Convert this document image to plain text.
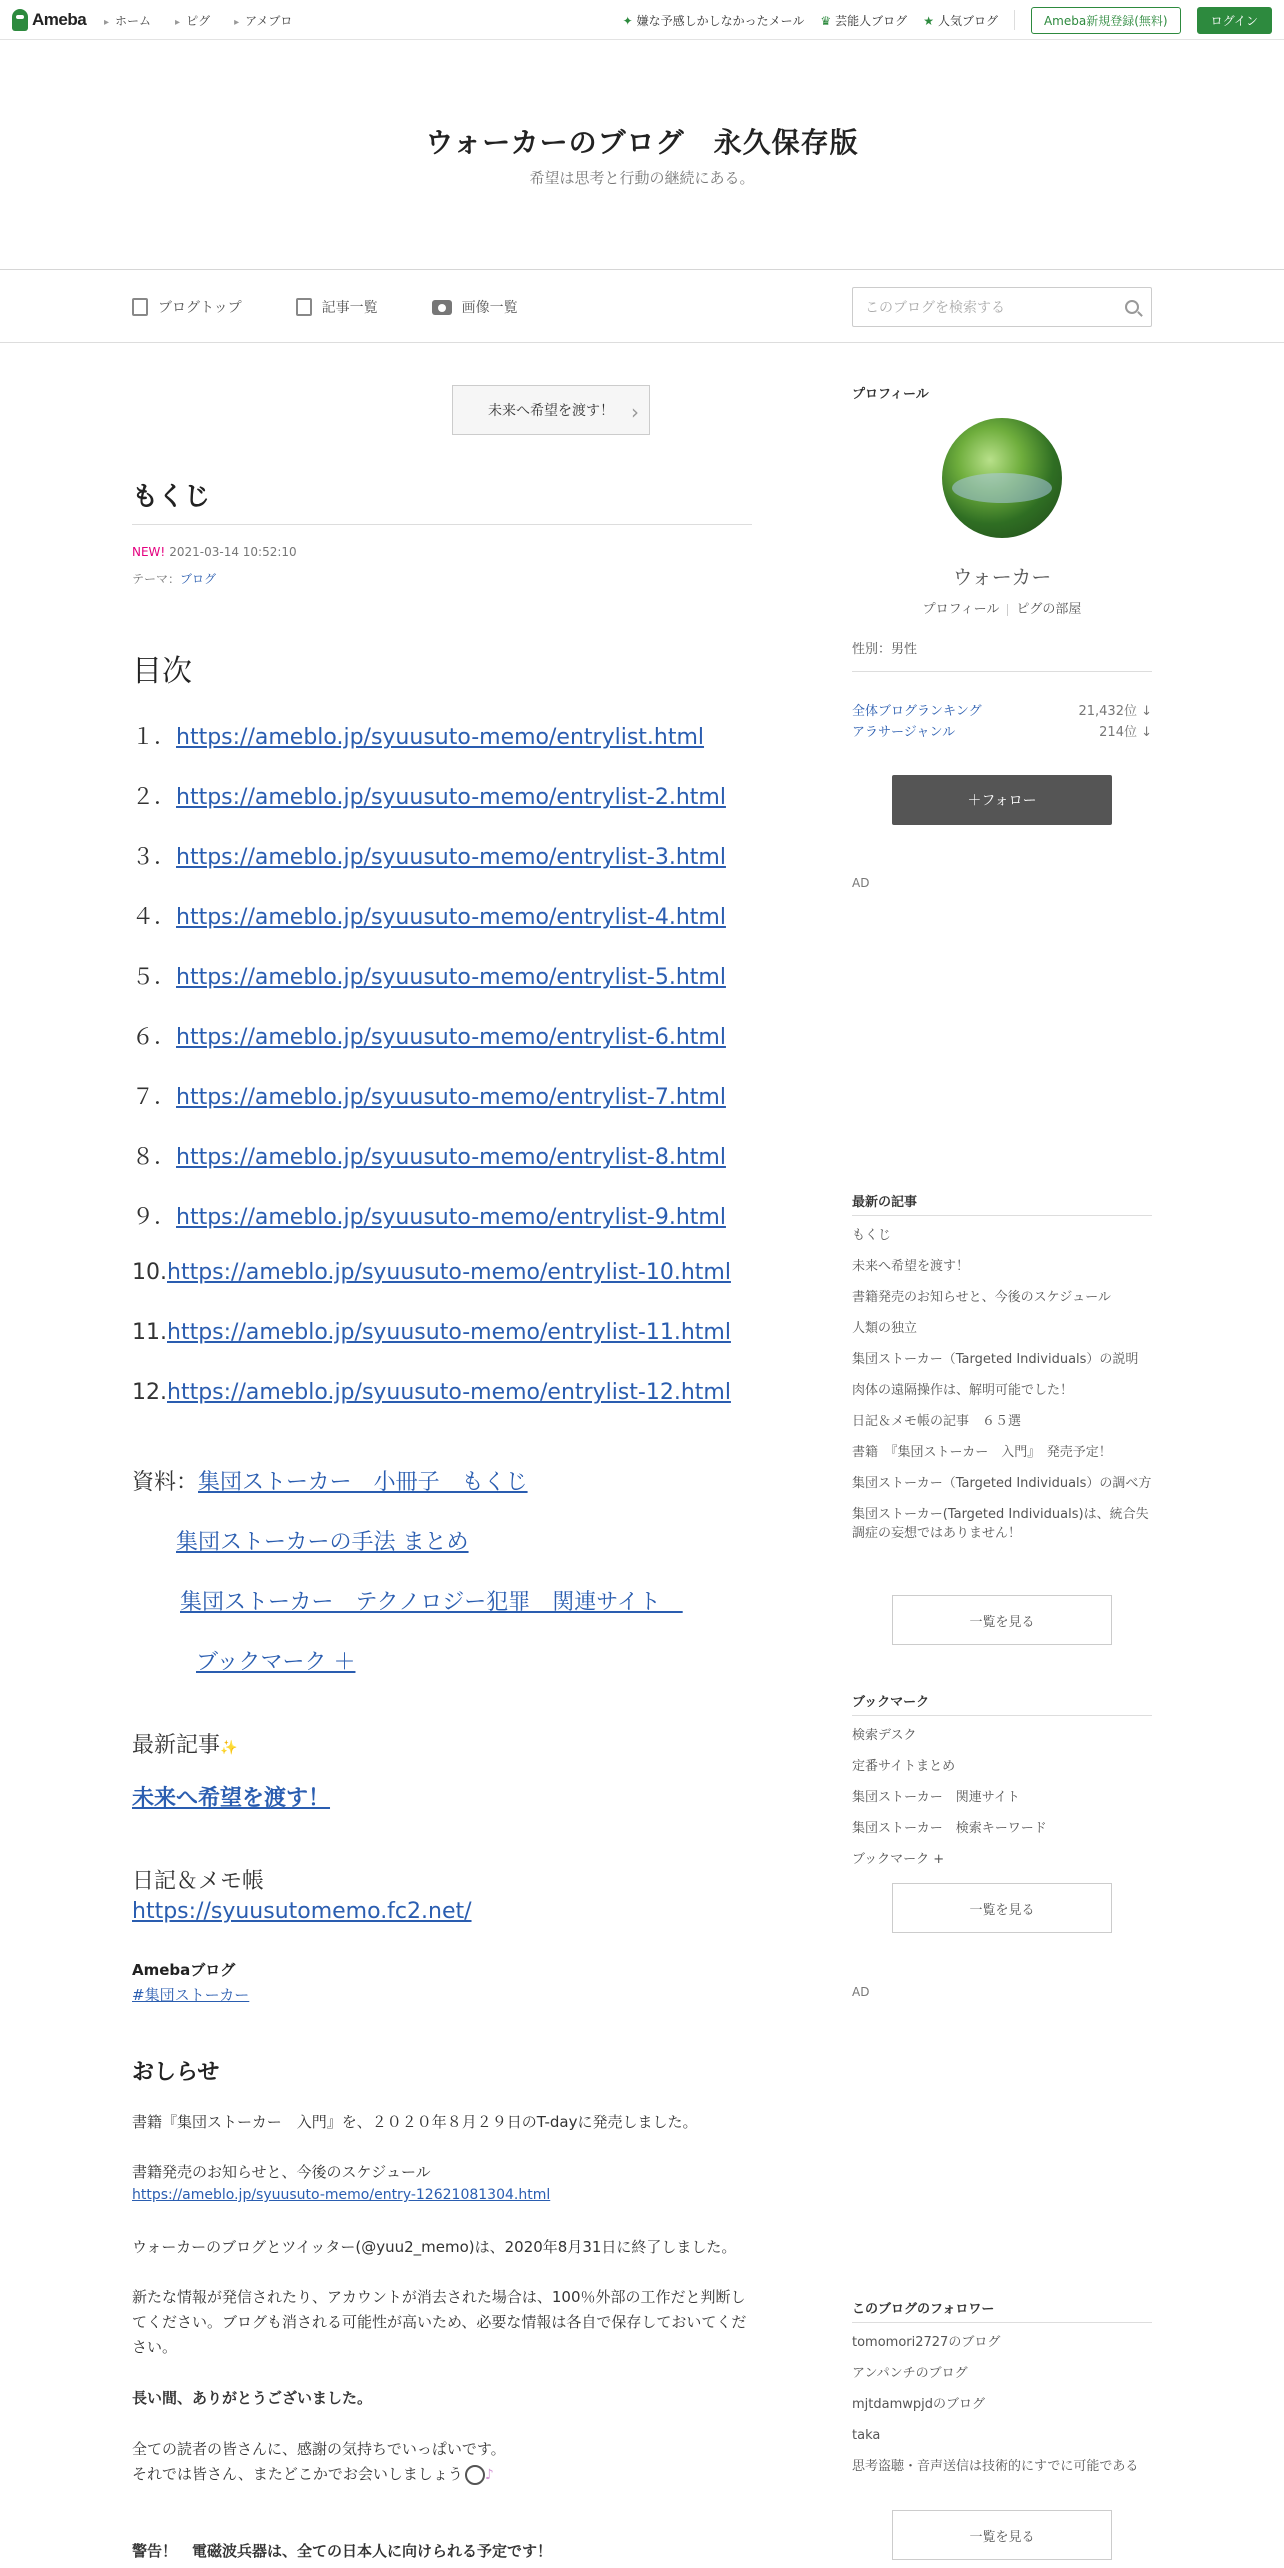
Ameba	▸ ホーム	▸ ピグ	▸ アメブロ	✦ 嫌な予感しかしなかったメール ♛ 芸能人ブログ ★ 人気ブログ	Ameba新規登録(無料)	ログイン
ウォーカーのブログ　永久保存版
希望は思考と行動の継続にある。
ブログトップ	記事一覧	画像一覧	このブログを検索する
未来へ希望を渡す！ ›
もくじ
NEW! 2021-03-14 10:52:10
テーマ：ブログ
目次
１．https://ameblo.jp/syuusuto-memo/entrylist.html
２．https://ameblo.jp/syuusuto-memo/entrylist-2.html
３．https://ameblo.jp/syuusuto-memo/entrylist-3.html
４．https://ameblo.jp/syuusuto-memo/entrylist-4.html
５．https://ameblo.jp/syuusuto-memo/entrylist-5.html
６．https://ameblo.jp/syuusuto-memo/entrylist-6.html
７．https://ameblo.jp/syuusuto-memo/entrylist-7.html
８．https://ameblo.jp/syuusuto-memo/entrylist-8.html
９．https://ameblo.jp/syuusuto-memo/entrylist-9.html
10.https://ameblo.jp/syuusuto-memo/entrylist-10.html
11.https://ameblo.jp/syuusuto-memo/entrylist-11.html
12.https://ameblo.jp/syuusuto-memo/entrylist-12.html
資料：集団ストーカー　小冊子　もくじ
集団ストーカーの手法 まとめ
集団ストーカー　テクノロジー犯罪　関連サイト　
ブックマーク ＋
最新記事✨
未来へ希望を渡す！
日記＆メモ帳
https://syuusutomemo.fc2.net/
Amebaブログ
#集団ストーカー
おしらせ
書籍『集団ストーカー　入門』を、２０２０年８月２９日のT-dayに発売しました。
書籍発売のお知らせと、今後のスケジュール
https://ameblo.jp/syuusuto-memo/entry-12621081304.html
ウォーカーのブログとツイッター(@yuu2_memo)は、2020年8月31日に終了しました。
新たな情報が発信されたり、アカウントが消去された場合は、100％外部の工作だと判断してください。ブログも消される可能性が高いため、必要な情報は各自で保存しておいてください。
長い間、ありがとうございました。
全ての読者の皆さんに、感謝の気持ちでいっぱいです。
それでは皆さん、またどこかでお会いしましょう ♪
警告！　電磁波兵器は、全ての日本人に向けられる予定です！
プロフィール
ウォーカー
プロフィール ピグの部屋
性別：男性
全体ブログランキング	21,432位 ↓
アラサージャンル	214位 ↓
＋フォロー
AD
最新の記事
もくじ
未来へ希望を渡す！
書籍発売のお知らせと、今後のスケジュール
人類の独立
集団ストーカー（Targeted Individuals）の説明
肉体の遠隔操作は、解明可能でした！
日記＆メモ帳の記事　６５選
書籍　『集団ストーカー　入門』　発売予定！
集団ストーカー（Targeted Individuals）の調べ方
集団ストーカー(Targeted Individuals)は、統合失調症の妄想ではありません！
一覧を見る
ブックマーク
検索デスク
定番サイトまとめ
集団ストーカー　関連サイト
集団ストーカー　検索キーワード
ブックマーク +
一覧を見る
AD
このブログのフォロワー
tomomori2727のブログ
アンパンチのブログ
mjtdamwpjdのブログ
taka
思考盗聴・音声送信は技術的にすでに可能である
一覧を見る
